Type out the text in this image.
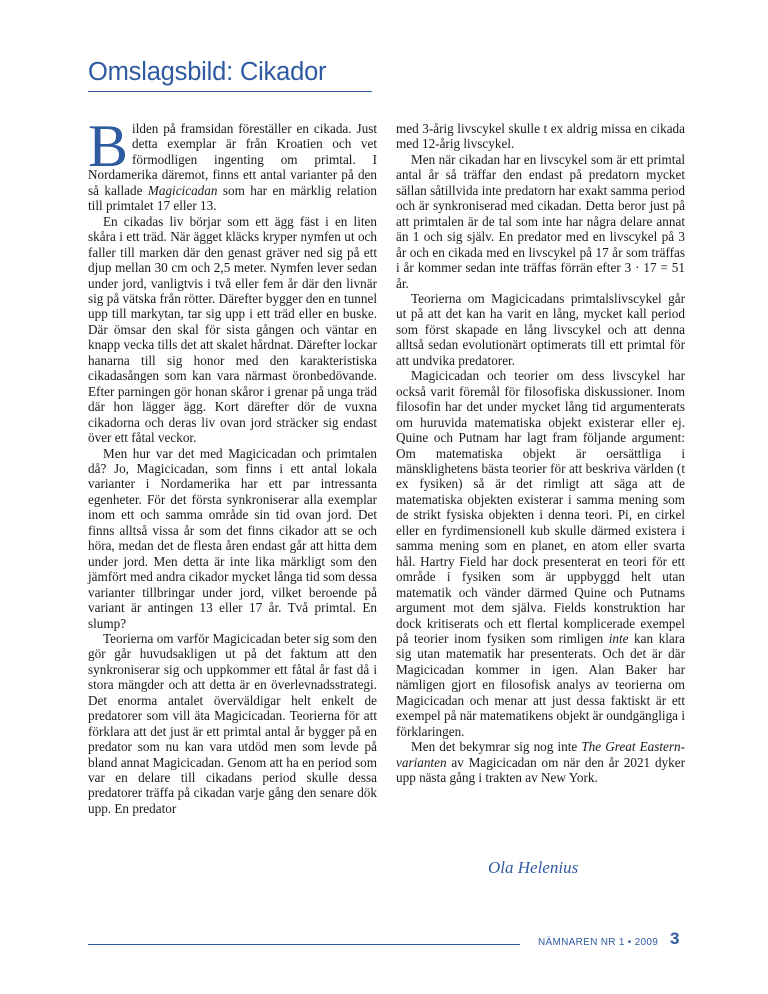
Omslagsbild: Cikador

Bilden på framsidan föreställer en cikada. Just detta exemplar är från Kroatien och vet förmodligen ingenting om primtal. I Nordamerika däremot, finns ett antal varianter på den så kallade Magicicadan som har en märklig relation till primtalet 17 eller 13.

En cikadas liv börjar som ett ägg fäst i en liten skåra i ett träd. När ägget kläcks kryper nymfen ut och faller till marken där den genast gräver ned sig på ett djup mellan 30 cm och 2,5 meter. Nymfen lever sedan under jord, vanligtvis i två eller fem år där den livnär sig på vätska från rötter. Därefter bygger den en tunnel upp till markytan, tar sig upp i ett träd eller en buske. Där ömsar den skal för sista gången och väntar en knapp vecka tills det att skalet hårdnat. Därefter lockar hanarna till sig honor med den karakteristiska cikadasången som kan vara närmast öronbedövande. Efter parningen gör honan skåror i grenar på unga träd där hon lägger ägg. Kort därefter dör de vuxna cikadorna och deras liv ovan jord sträcker sig endast över ett fåtal veckor.

Men hur var det med Magicicadan och primtalen då? Jo, Magicicadan, som finns i ett antal lokala varianter i Nordamerika har ett par intressanta egenheter. För det första synkroniserar alla exemplar inom ett och samma område sin tid ovan jord. Det finns alltså vissa år som det finns cikador att se och höra, medan det de flesta åren endast går att hitta dem under jord. Men detta är inte lika märkligt som den jämfört med andra cikador mycket långa tid som dessa varianter tillbringar under jord, vilket beroende på variant är antingen 13 eller 17 år. Två primtal. En slump?

Teorierna om varför Magicicadan beter sig som den gör går huvudsakligen ut på det faktum att den synkroniserar sig och uppkommer ett fåtal år fast då i stora mängder och att detta är en överlevnadsstrategi. Det enorma antalet överväldigar helt enkelt de predatorer som vill äta Magicicadan. Teorierna för att förklara att det just är ett primtal antal år bygger på en predator som nu kan vara utdöd men som levde på bland annat Magicicadan. Genom att ha en period som var en delare till cikadans period skulle dessa predatorer träffa på cikadan varje gång den senare dök upp. En predator

med 3-årig livscykel skulle t ex aldrig missa en cikada med 12-årig livscykel.

Men när cikadan har en livscykel som är ett primtal antal år så träffar den endast på predatorn mycket sällan såtillvida inte predatorn har exakt samma period och är synkroniserad med cikadan. Detta beror just på att primtalen är de tal som inte har några delare annat än 1 och sig själv. En predator med en livscykel på 3 år och en cikada med en livscykel på 17 år som träffas i år kommer sedan inte träffas förrän efter 3 · 17 = 51 år.

Teorierna om Magicicadans primtalslivscykel går ut på att det kan ha varit en lång, mycket kall period som först skapade en lång livscykel och att denna alltså sedan evolutionärt optimerats till ett primtal för att undvika predatorer.

Magicicadan och teorier om dess livscykel har också varit föremål för filosofiska diskussioner. Inom filosofin har det under mycket lång tid argumenterats om huruvida matematiska objekt existerar eller ej. Quine och Putnam har lagt fram följande argument: Om matematiska objekt är oersättliga i mänsklighetens bästa teorier för att beskriva världen (t ex fysiken) så är det rimligt att säga att de matematiska objekten existerar i samma mening som de strikt fysiska objekten i denna teori. Pi, en cirkel eller en fyrdimensionell kub skulle därmed existera i samma mening som en planet, en atom eller svarta hål. Hartry Field har dock presenterat en teori för ett område i fysiken som är uppbyggd helt utan matematik och vänder därmed Quine och Putnams argument mot dem själva. Fields konstruktion har dock kritiserats och ett flertal komplicerade exempel på teorier inom fysiken som rimligen inte kan klara sig utan matematik har presenterats. Och det är där Magicicadan kommer in igen. Alan Baker har nämligen gjort en filosofisk analys av teorierna om Magicicadan och menar att just dessa faktiskt är ett exempel på när matematikens objekt är oundgängliga i förklaringen.

Men det bekymrar sig nog inte The Great Eastern-varianten av Magicicadan om när den år 2021 dyker upp nästa gång i trakten av New York.

Ola Helenius
NÄMNAREN NR 1 • 2009 3
